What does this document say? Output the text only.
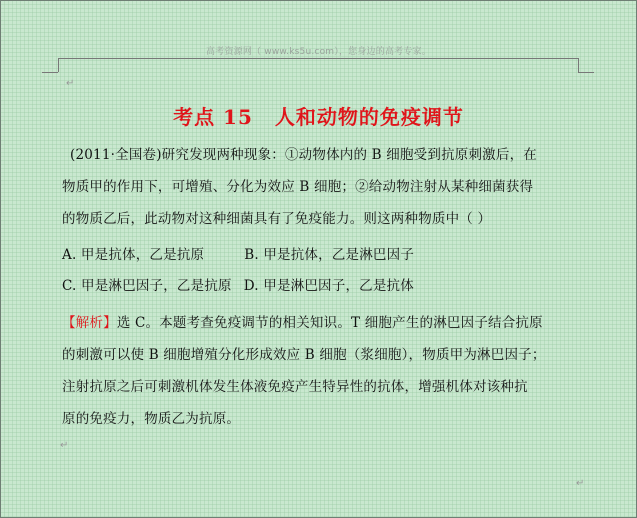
高考资源网（ www.ks5u.com），您身边的高考专家。
↵
考点 15 人和动物的免疫调节
(2011·全国卷)研究发现两种现象：①动物体内的 B 细胞受到抗原刺激后，在
物质甲的作用下，可增殖、分化为效应 B 细胞；②给动物注射从某种细菌获得
的物质乙后，此动物对这种细菌具有了免疫能力。则这两种物质中（ ）
A. 甲是抗体，乙是抗原	B. 甲是抗体，乙是淋巴因子
C. 甲是淋巴因子，乙是抗原 D. 甲是淋巴因子，乙是抗体
【解析】选 C。本题考查免疫调节的相关知识。T 细胞产生的淋巴因子结合抗原
的刺激可以使 B 细胞增殖分化形成效应 B 细胞（浆细胞），物质甲为淋巴因子；
注射抗原之后可刺激机体发生体液免疫产生特异性的抗体，增强机体对该种抗
原的免疫力，物质乙为抗原。
↵
↵
